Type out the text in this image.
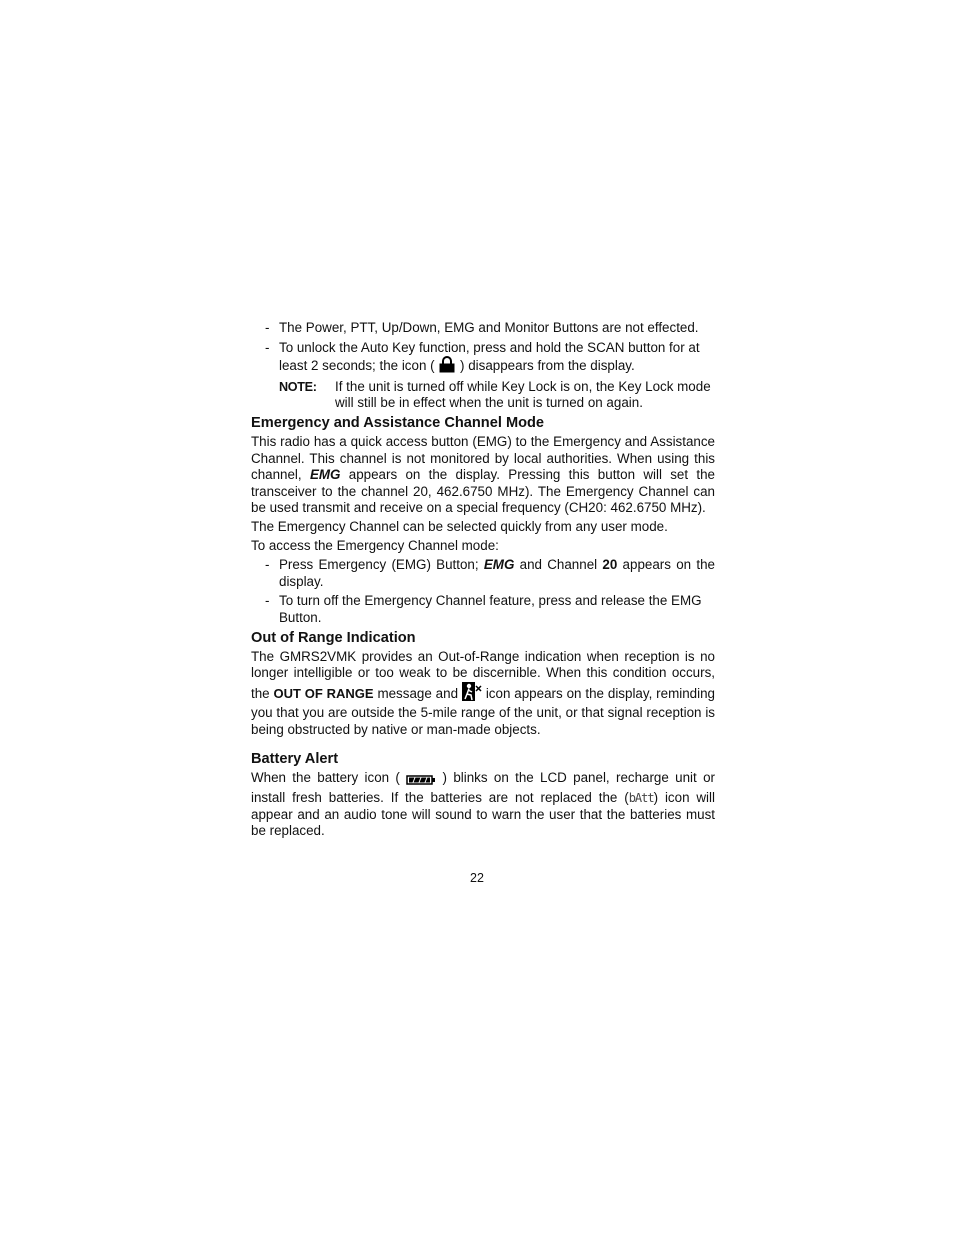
- The Power, PTT, Up/Down, EMG and Monitor Buttons are not effected.
- To unlock the Auto Key function, press and hold the SCAN button for at least 2 seconds; the icon ( ) disappears from the display.
NOTE: If the unit is turned off while Key Lock is on, the Key Lock mode will still be in effect when the unit is turned on again.
Emergency and Assistance Channel Mode

This radio has a quick access button (EMG) to the Emergency and Assistance Channel. This channel is not monitored by local authorities. When using this channel, EMG appears on the display. Pressing this button will set the transceiver to the channel 20, 462.6750 MHz). The Emergency Channel can be used transmit and receive on a special frequency (CH20: 462.6750 MHz).

The Emergency Channel can be selected quickly from any user mode.

To access the Emergency Channel mode:

- Press Emergency (EMG) Button; EMG and Channel 20 appears on the display.
- To turn off the Emergency Channel feature, press and release the EMG Button.
Out of Range Indication

The GMRS2VMK provides an Out-of-Range indication when reception is no longer intelligible or too weak to be discernible. When this condition occurs, the OUT OF RANGE message and  icon appears on the display, reminding you that you are outside the 5-mile range of the unit, or that signal reception is being obstructed by native or man-made objects.

Battery Alert

When the battery icon (  ) blinks on the LCD panel, recharge unit or install fresh batteries. If the batteries are not replaced the (bAtt) icon will appear and an audio tone will sound to warn the user that the batteries must be replaced.

22
